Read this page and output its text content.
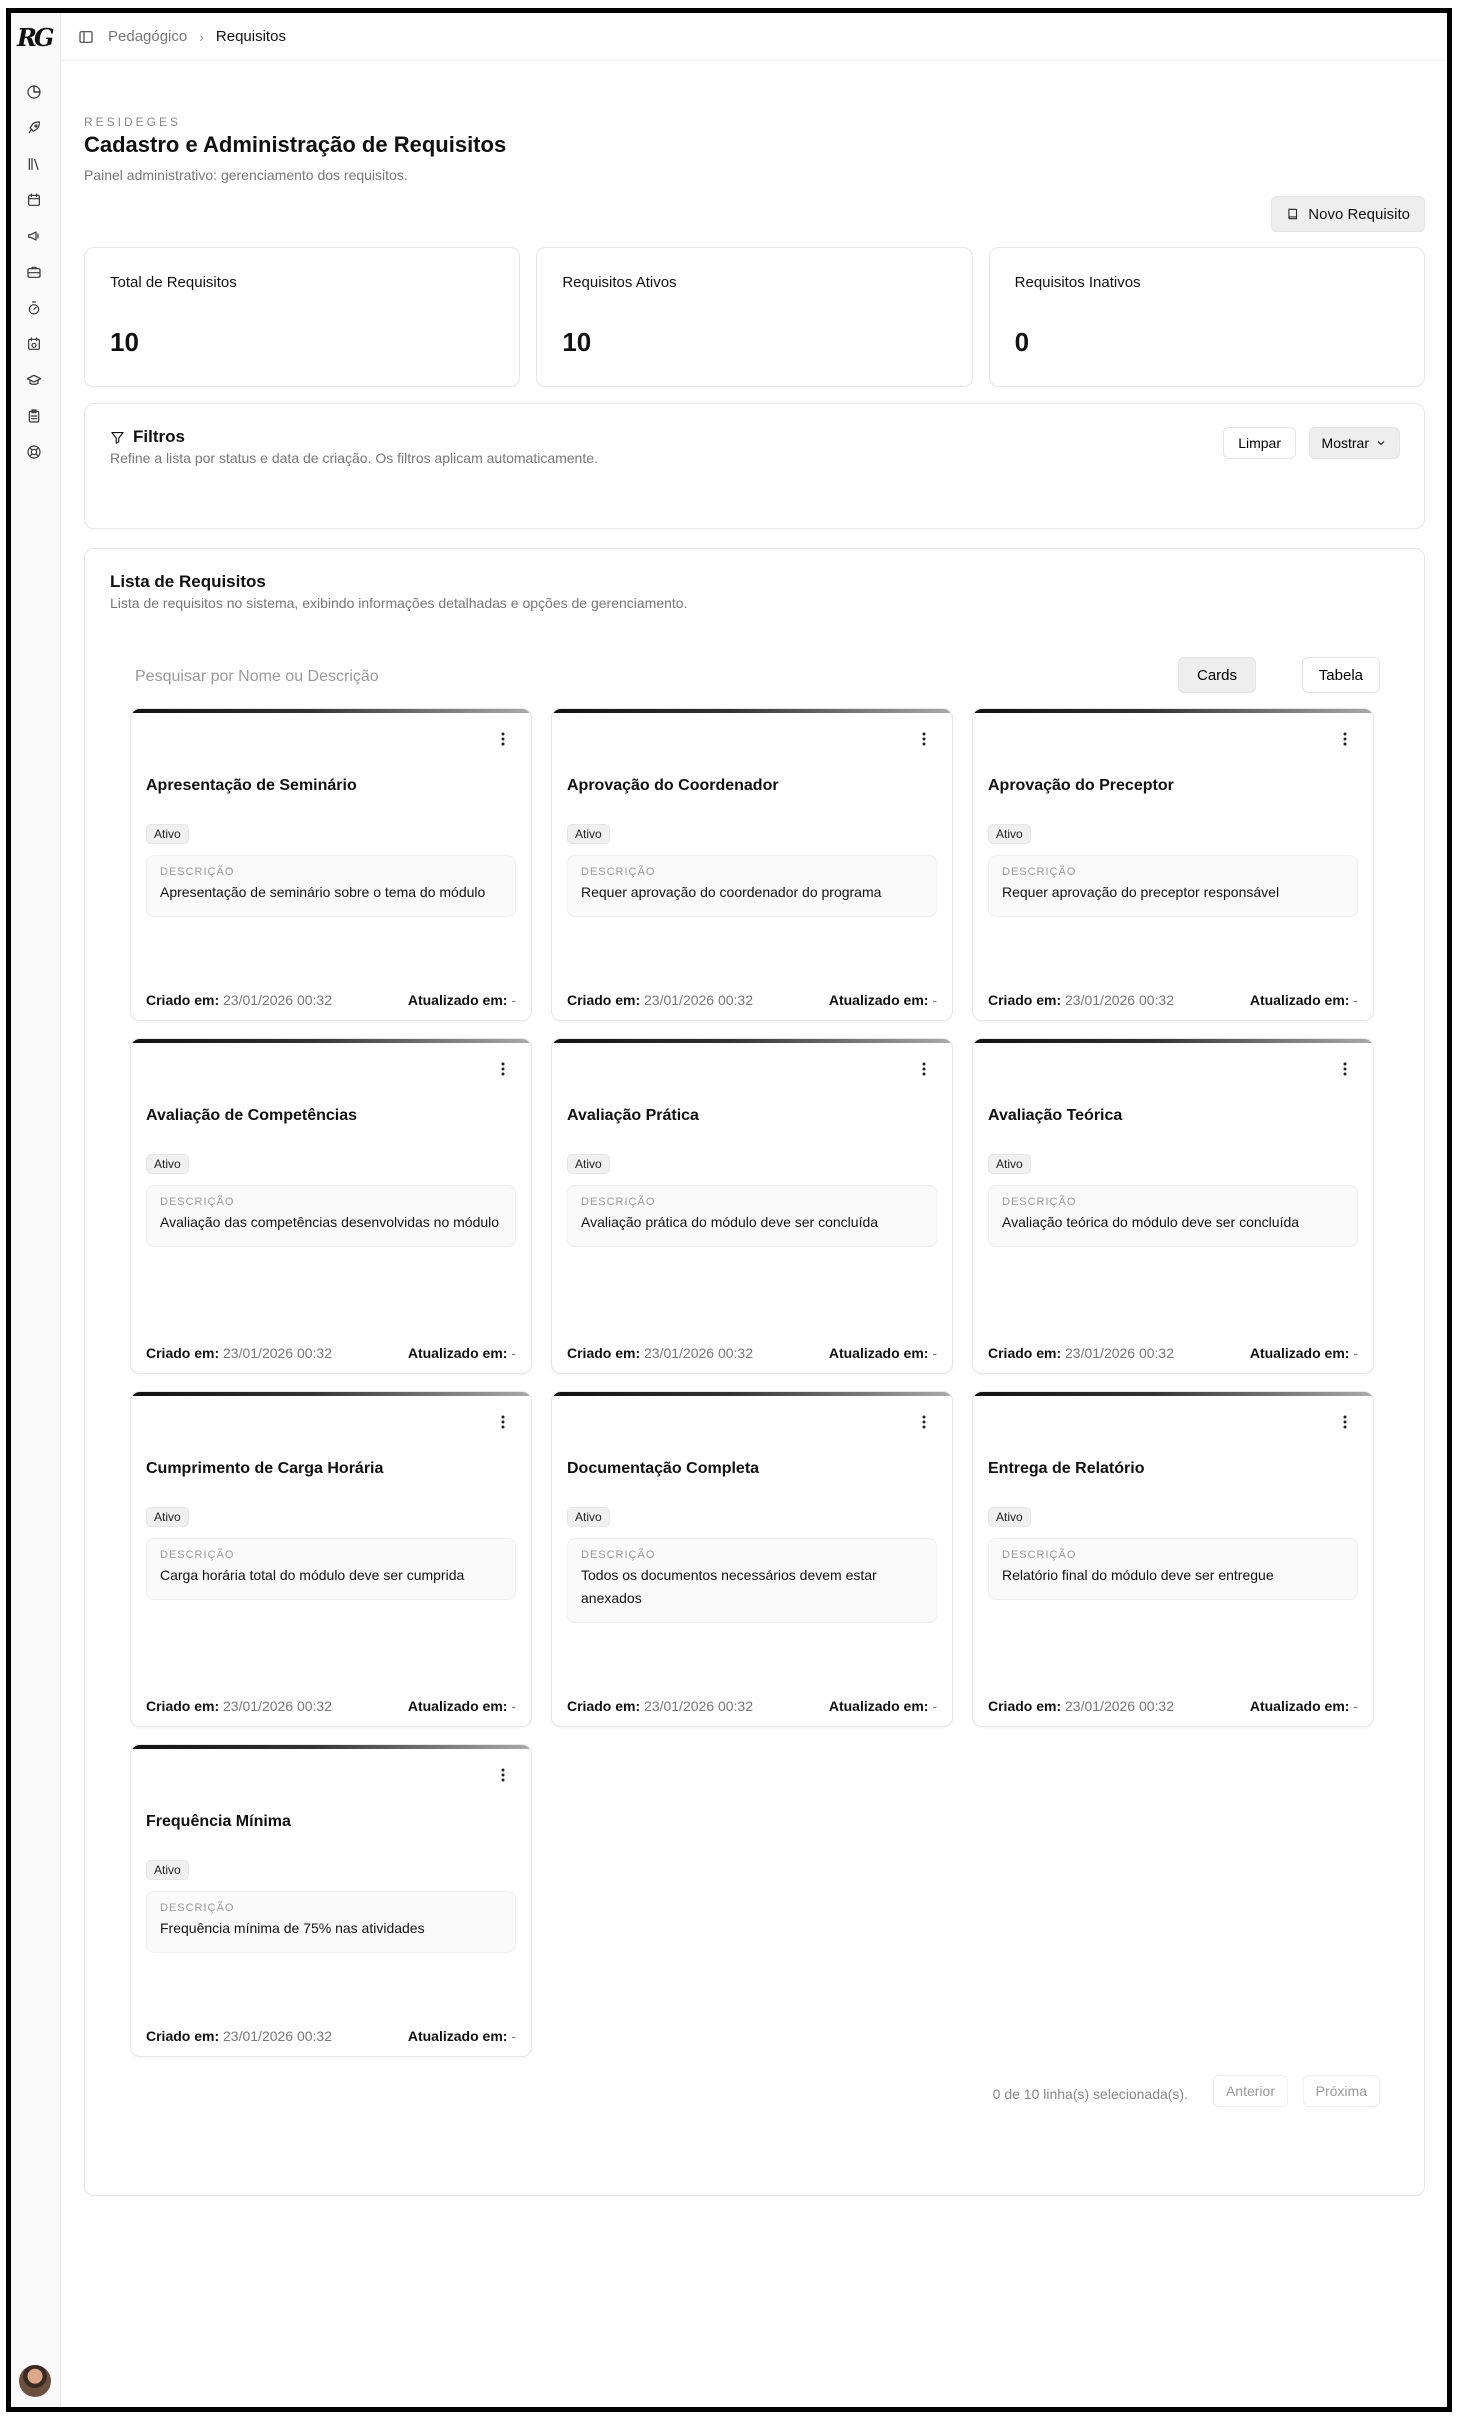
RG	Pedagógico › Requisitos
RESIDEGES
Cadastro e Administração de Requisitos

Painel administrativo: gerenciamento dos requisitos.

Novo Requisito
Total de Requisitos
10
Requisitos Ativos
10
Requisitos Inativos
0
Filtros

Refine a lista por status e data de criação. Os filtros aplicam automaticamente.

Limpar	Mostrar
Lista de Requisitos

Lista de requisitos no sistema, exibindo informações detalhadas e opções de gerenciamento.

Pesquisar por Nome ou Descrição
Cards	Tabela
Apresentação de Seminário
Ativo
DESCRIÇÃO
Apresentação de seminário sobre o tema do módulo
Criado em: 23/01/2026 00:32	Atualizado em: -
Aprovação do Coordenador
Ativo
DESCRIÇÃO
Requer aprovação do coordenador do programa
Criado em: 23/01/2026 00:32	Atualizado em: -
Aprovação do Preceptor
Ativo
DESCRIÇÃO
Requer aprovação do preceptor responsável
Criado em: 23/01/2026 00:32	Atualizado em: -
Avaliação de Competências
Ativo
DESCRIÇÃO
Avaliação das competências desenvolvidas no módulo
Criado em: 23/01/2026 00:32	Atualizado em: -
Avaliação Prática
Ativo
DESCRIÇÃO
Avaliação prática do módulo deve ser concluída
Criado em: 23/01/2026 00:32	Atualizado em: -
Avaliação Teórica
Ativo
DESCRIÇÃO
Avaliação teórica do módulo deve ser concluída
Criado em: 23/01/2026 00:32	Atualizado em: -
Cumprimento de Carga Horária
Ativo
DESCRIÇÃO
Carga horária total do módulo deve ser cumprida
Criado em: 23/01/2026 00:32	Atualizado em: -
Documentação Completa
Ativo
DESCRIÇÃO
Todos os documentos necessários devem estar anexados
Criado em: 23/01/2026 00:32	Atualizado em: -
Entrega de Relatório
Ativo
DESCRIÇÃO
Relatório final do módulo deve ser entregue
Criado em: 23/01/2026 00:32	Atualizado em: -
Frequência Mínima
Ativo
DESCRIÇÃO
Frequência mínima de 75% nas atividades
Criado em: 23/01/2026 00:32	Atualizado em: -
0 de 10 linha(s) selecionada(s).	Anterior	Próxima
